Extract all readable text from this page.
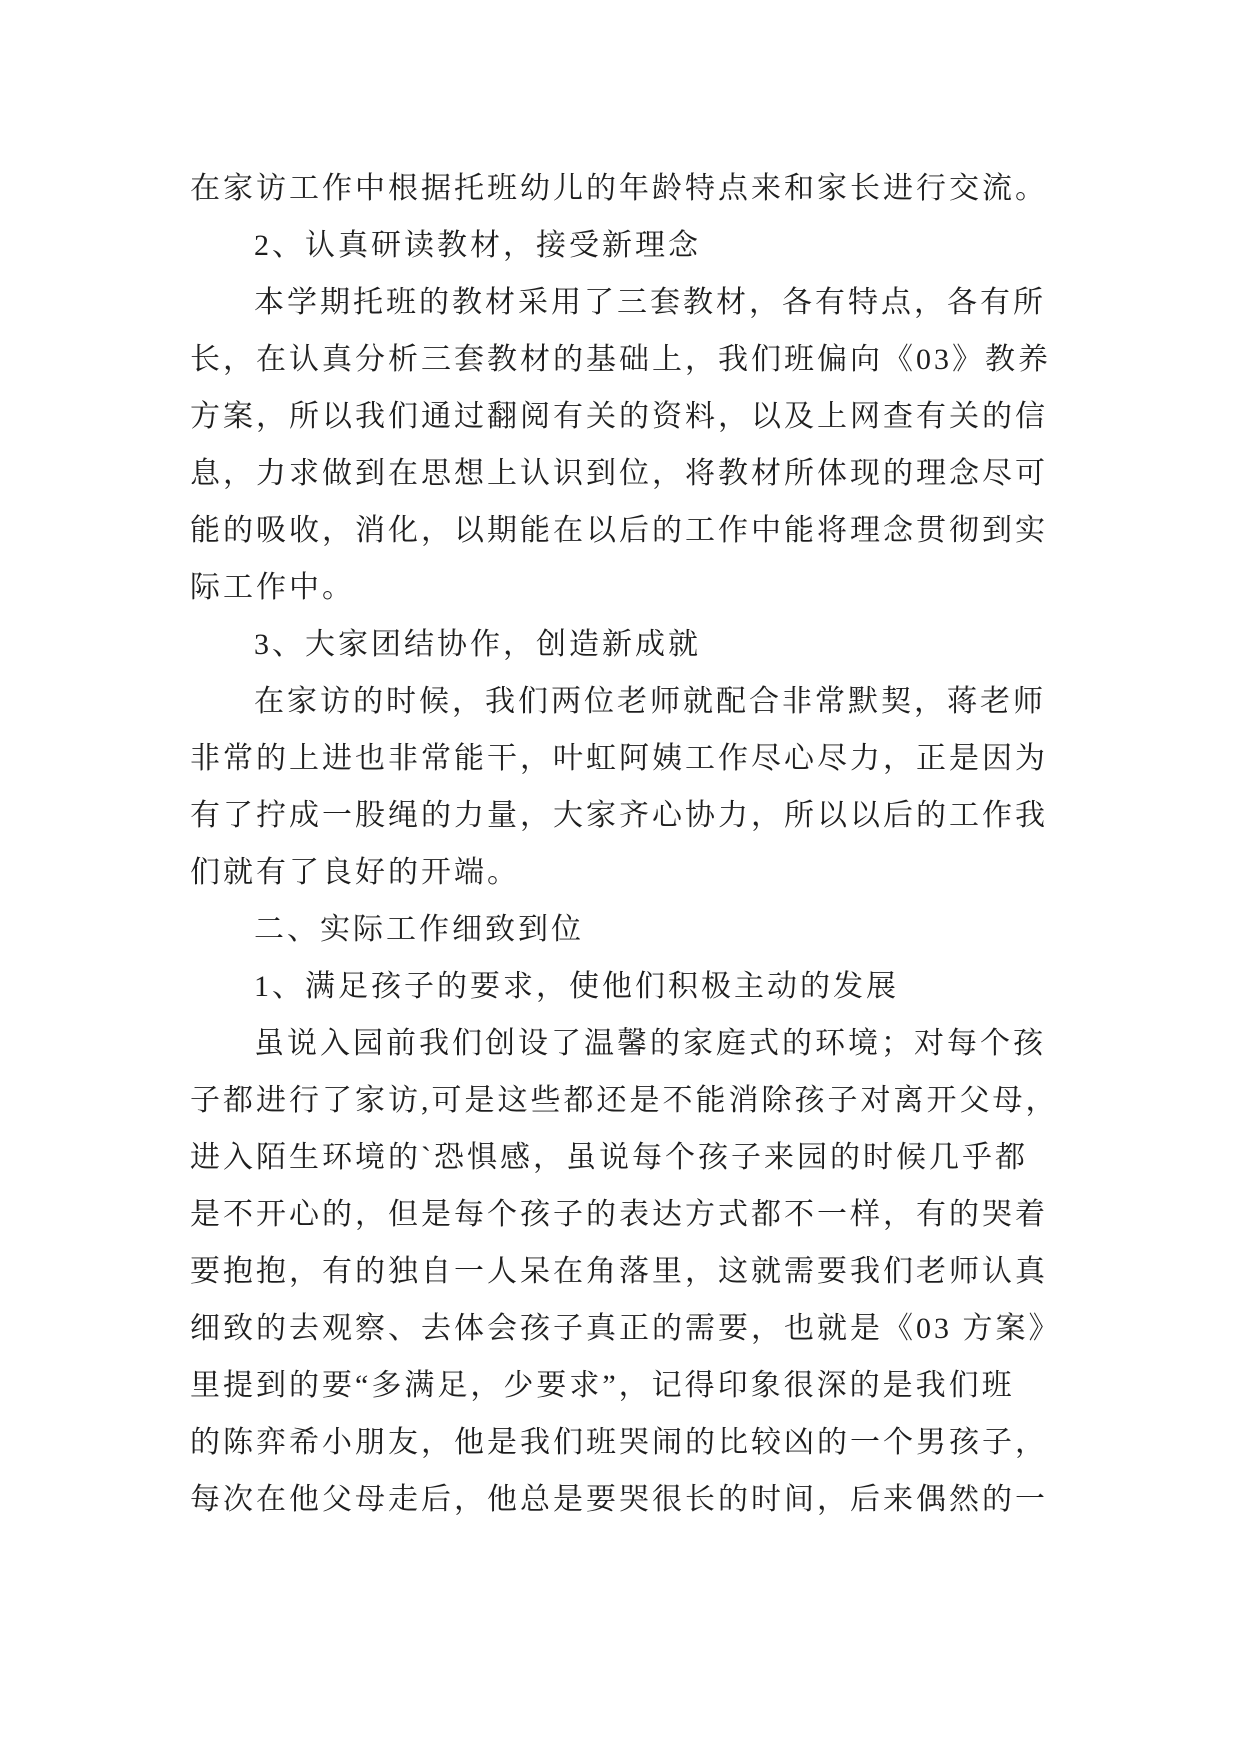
在家访工作中根据托班幼儿的年龄特点来和家长进行交流。
2、认真研读教材，接受新理念
本学期托班的教材采用了三套教材，各有特点，各有所
长，在认真分析三套教材的基础上，我们班偏向《03》教养
方案，所以我们通过翻阅有关的资料，以及上网查有关的信
息，力求做到在思想上认识到位，将教材所体现的理念尽可
能的吸收，消化，以期能在以后的工作中能将理念贯彻到实
际工作中。
3、大家团结协作，创造新成就
在家访的时候，我们两位老师就配合非常默契，蒋老师
非常的上进也非常能干，叶虹阿姨工作尽心尽力，正是因为
有了拧成一股绳的力量，大家齐心协力，所以以后的工作我
们就有了良好的开端。
二、实际工作细致到位
1、满足孩子的要求，使他们积极主动的发展
虽说入园前我们创设了温馨的家庭式的环境；对每个孩
子都进行了家访,可是这些都还是不能消除孩子对离开父母，
进入陌生环境的`恐惧感，虽说每个孩子来园的时候几乎都
是不开心的，但是每个孩子的表达方式都不一样，有的哭着
要抱抱，有的独自一人呆在角落里，这就需要我们老师认真
细致的去观察、去体会孩子真正的需要，也就是《03 方案》
里提到的要“多满足，少要求”，记得印象很深的是我们班
的陈弈希小朋友，他是我们班哭闹的比较凶的一个男孩子，
每次在他父母走后，他总是要哭很长的时间，后来偶然的一
